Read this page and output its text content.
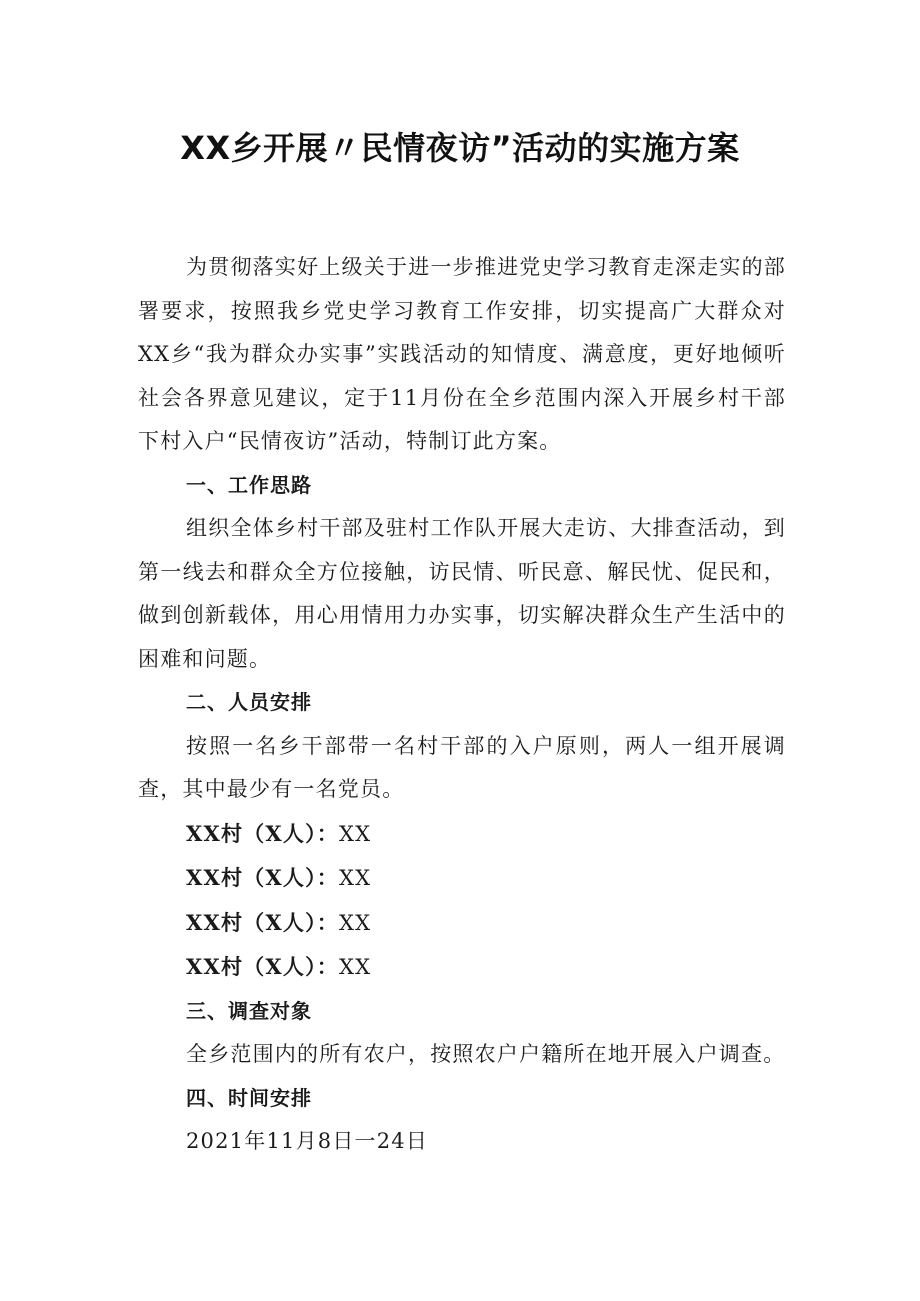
XX乡开展〃民情夜访”活动的实施方案

为贯彻落实好上级关于进一步推进党史学习教育走深走实的部署要求，按照我乡党史学习教育工作安排，切实提高广大群众对XX乡“我为群众办实事”实践活动的知情度、满意度，更好地倾听社会各界意见建议，定于11月份在全乡范围内深入开展乡村干部下村入户“民情夜访”活动，特制订此方案。

一、工作思路

组织全体乡村干部及驻村工作队开展大走访、大排查活动，到第一线去和群众全方位接触，访民情、听民意、解民忧、促民和，做到创新载体，用心用情用力办实事，切实解决群众生产生活中的困难和问题。

二、人员安排

按照一名乡干部带一名村干部的入户原则，两人一组开展调查，其中最少有一名党员。

XX村（X人）：XX

XX村（X人）：XX

XX村（X人）：XX

XX村（X人）：XX

三、调查对象

全乡范围内的所有农户，按照农户户籍所在地开展入户调查。

四、时间安排

2021年11月8日一24日
